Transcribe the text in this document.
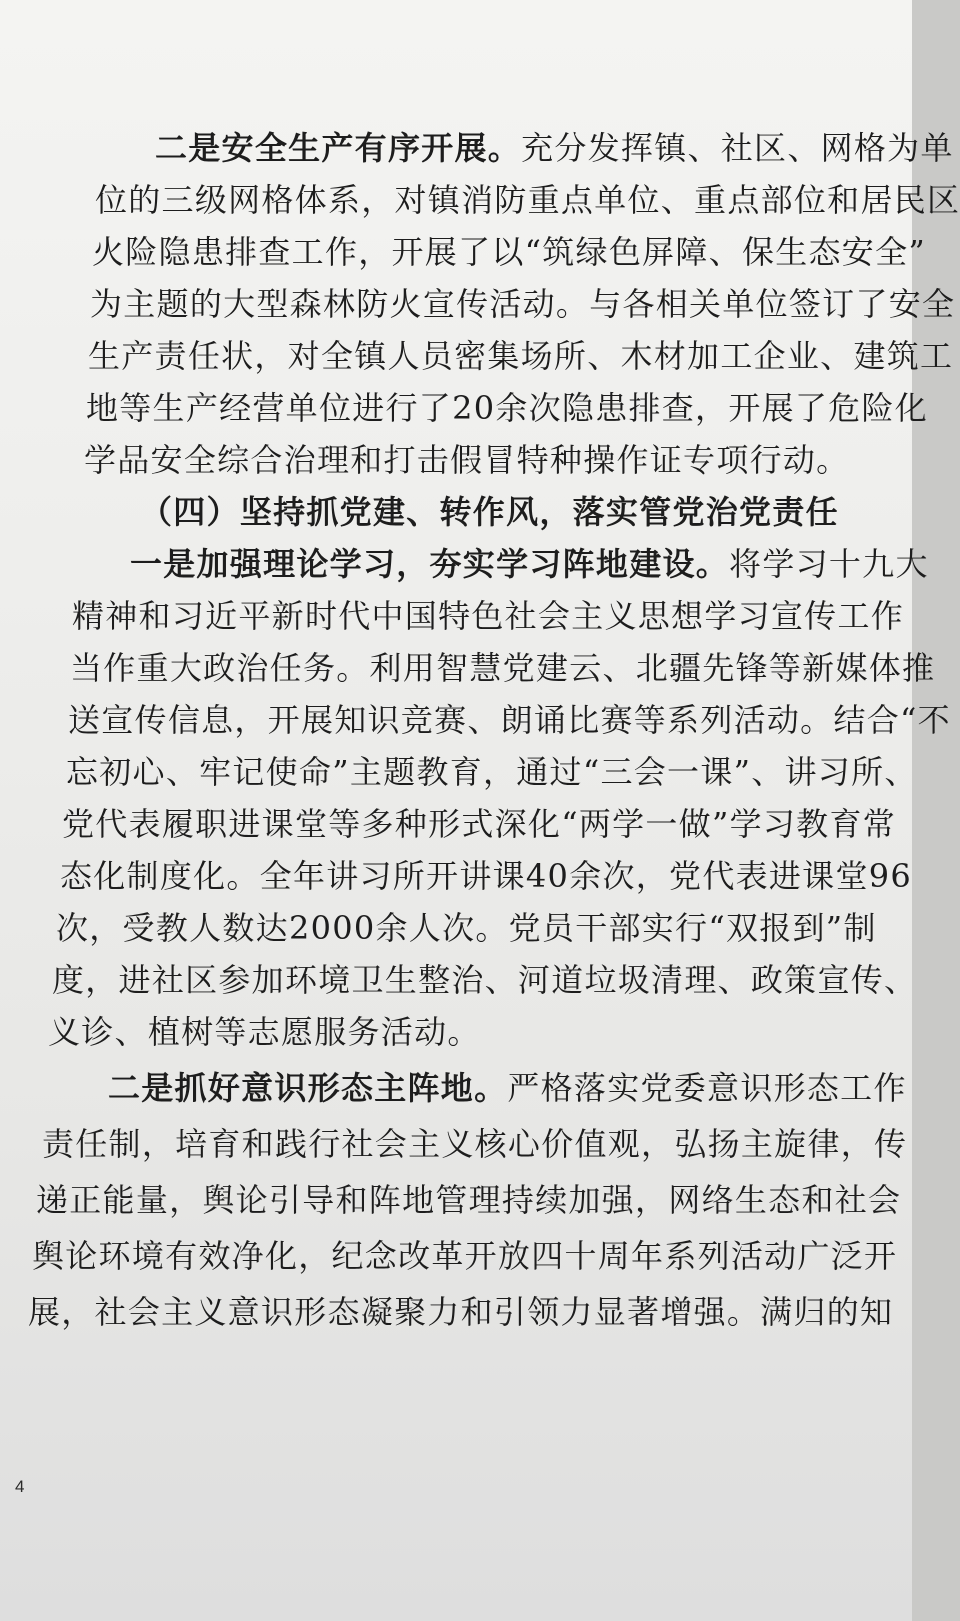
二是安全生产有序开展。充分发挥镇、社区、网格为单
位的三级网格体系，对镇消防重点单位、重点部位和居民区
火险隐患排查工作，开展了以“筑绿色屏障、保生态安全”
为主题的大型森林防火宣传活动。与各相关单位签订了安全
生产责任状，对全镇人员密集场所、木材加工企业、建筑工
地等生产经营单位进行了20余次隐患排查，开展了危险化
学品安全综合治理和打击假冒特种操作证专项行动。
（四）坚持抓党建、转作风，落实管党治党责任
一是加强理论学习，夯实学习阵地建设。将学习十九大
精神和习近平新时代中国特色社会主义思想学习宣传工作
当作重大政治任务。利用智慧党建云、北疆先锋等新媒体推
送宣传信息，开展知识竞赛、朗诵比赛等系列活动。结合“不
忘初心、牢记使命”主题教育，通过“三会一课”、讲习所、
党代表履职进课堂等多种形式深化“两学一做”学习教育常
态化制度化。全年讲习所开讲课40余次，党代表进课堂96
次，受教人数达2000余人次。党员干部实行“双报到”制
度，进社区参加环境卫生整治、河道垃圾清理、政策宣传、
义诊、植树等志愿服务活动。
二是抓好意识形态主阵地。严格落实党委意识形态工作
责任制，培育和践行社会主义核心价值观，弘扬主旋律，传
递正能量，舆论引导和阵地管理持续加强，网络生态和社会
舆论环境有效净化，纪念改革开放四十周年系列活动广泛开
展，社会主义意识形态凝聚力和引领力显著增强。满归的知
4
